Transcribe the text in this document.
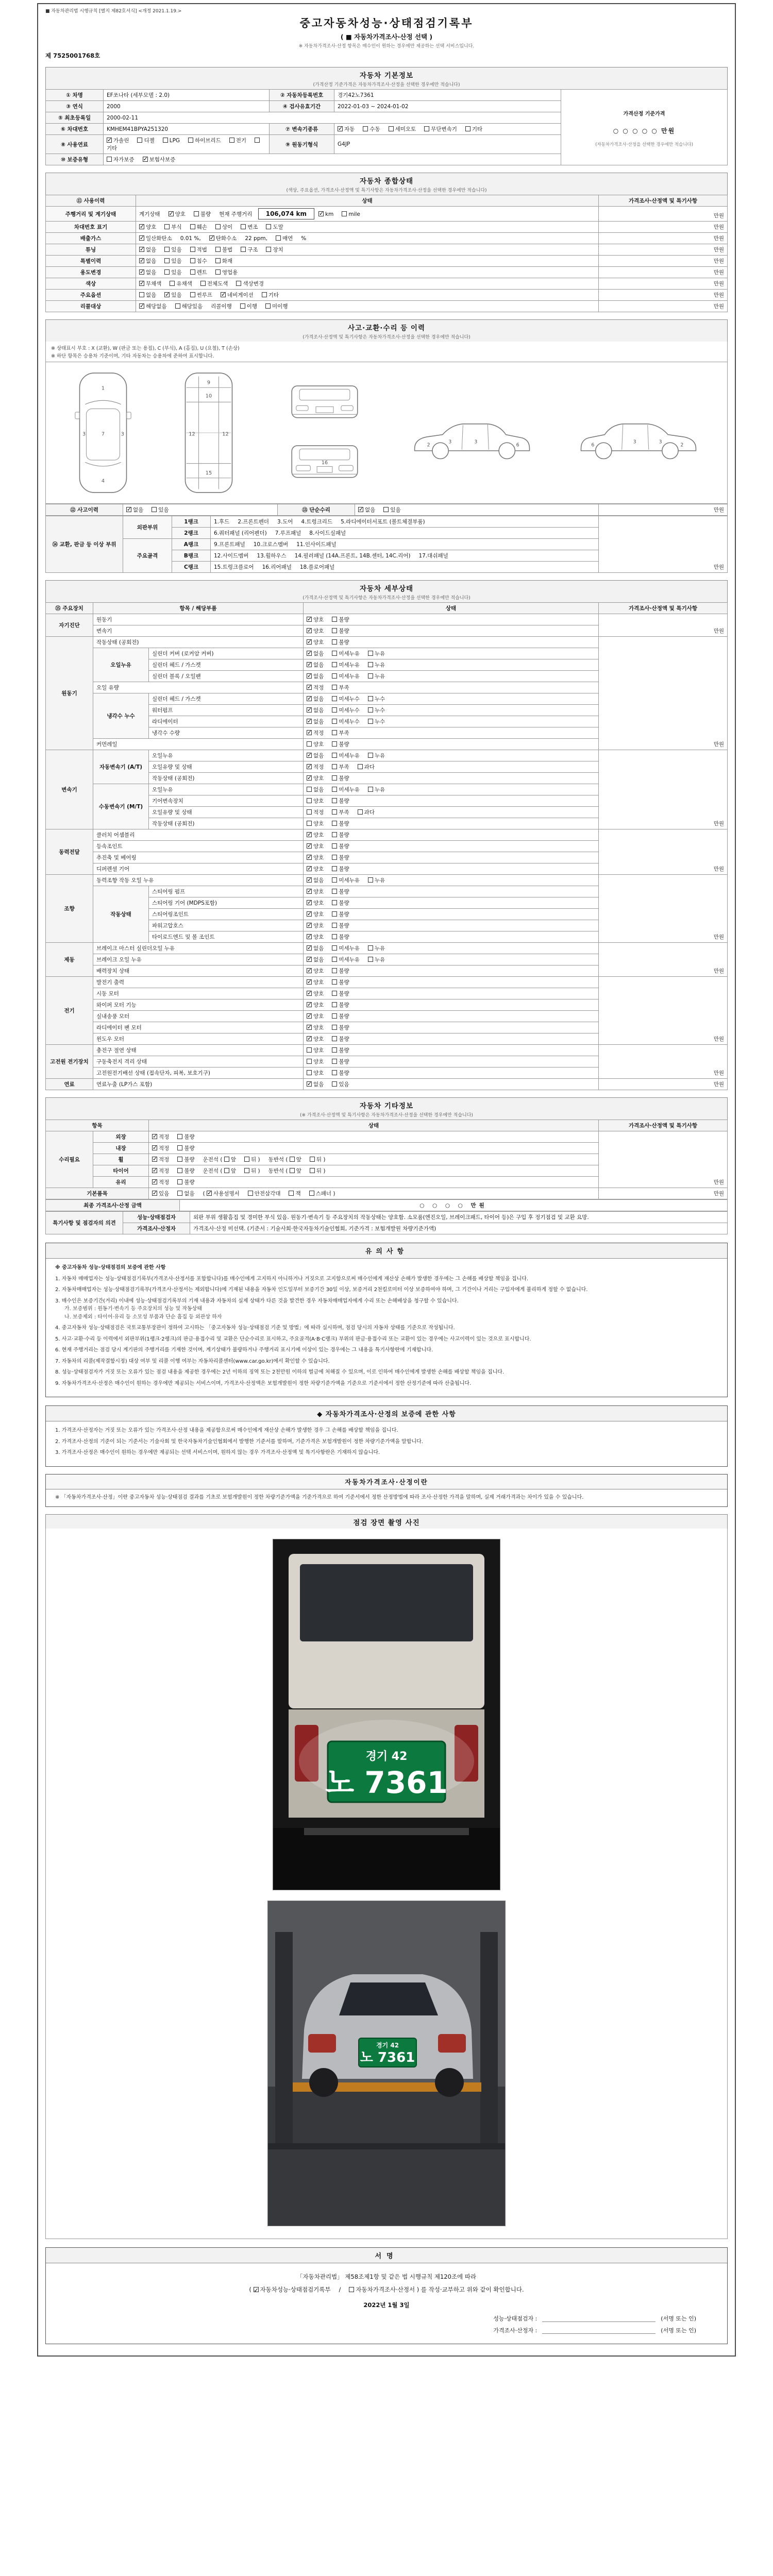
■ 자동차관리법 시행규칙 [별지 제82호서식] <개정 2021.1.19.>
중고자동차성능·상태점검기록부
( ■ 자동차가격조사·산정 선택 )
※ 자동차가격조사·산정 항목은 매수인이 원하는 경우에만 제공하는 선택 서비스입니다.
제 7525001768호
자동차 기본정보
(가격산정 기준가격은 자동차가격조사·산정을 선택한 경우에만 적습니다)
① 차명	EF쏘나타 (세부모델 : 2.0)	② 자동차등록번호	경기42노7361	가격산정 기준가격
○ ○ ○ ○ ○ 만원
(자동차가격조사·산정을 선택한 경우에만 적습니다)

③ 연식	2000	④ 검사유효기간	2022-01-03 ~ 2024-01-02	
⑤ 최초등록일	2000-02-11			
⑥ 차대번호	KMHEM41BPYA251320	⑦ 변속기종류	✓자동 수동 세미오토 무단변속기 기타
⑧ 사용연료	✓가솔린 디젤 LPG 하이브리드 전기기타	⑨ 원동기형식	G4JP	
⑩ 보증유형	자가보증 ✓ 보험사보증
자동차 종합상태
(색상, 주요옵션, 가격조사·산정액 및 특기사항은 자동차가격조사·산정을 선택한 경우에만 적습니다)
⑪ 사용이력	상태	가격조사·산정액 및 특기사항
주행거리 및 계기상태	계기상태 ✓ 양호 불량 현재 주행거리 106,074 km ✓ km mile	만원
차대번호 표기	✓양호 부식 훼손 상이 변조 도말	만원
배출가스	✓일산화탄소 0.01 %, ✓ 탄화수소 22 ppm, 매연 %	만원
튜닝	✓없음 있음 적법 불법 구조 장치	만원
특별이력	✓없음 있음 침수 화재	만원
용도변경	✓없음 있음 렌트 영업용	만원
색상	✓무채색 유채색 전체도색 색상변경	만원
주요옵션	없음 ✓ 있음 썬루프 ✓ 네비게이션 기타	만원
리콜대상	✓해당없음 해당있음 리콜이행 이행 미이행	만원
사고·교환·수리 등 이력
(가격조사·산정액 및 특기사항은 자동차가격조사·산정을 선택한 경우에만 적습니다)
※ 상태표시 부호 : X (교환), W (판금 또는 용접), C (부식), A (흠집), U (요철), T (손상)
※ 하단 항목은 승용차 기준이며, 기타 자동차는 승용차에 준하여 표시합니다.
1
7
4
3	3
9
10
12	12
15
16
3	3
6
2
3	3
6	2
⑫ 사고이력	✓없음	있음	⑬ 단순수리	✓없음	있음	만원
⑭ 교환, 판금 등 이상 부위	외판부위	1랭크	1.후드 2.프론트펜더 3.도어 4.트렁크리드 5.라디에이터서포트 (볼트체결부품)	만원
		2랭크	6.쿼터패널 (리어펜더) 7.루프패널 8.사이드실패널	
	주요골격	A랭크	9.프론트패널 10.크로스멤버 11.인사이드패널	
		B랭크	12.사이드멤버 13.휠하우스 14.필러패널 (14A.프론트, 14B.센터, 14C.리어) 17.대쉬패널	
		C랭크	15.트렁크플로어 16.리어패널 18.플로어패널	
자동차 세부상태
(가격조사·산정액 및 특기사항은 자동차가격조사·산정을 선택한 경우에만 적습니다)
⑮ 주요장치	항목 / 해당부품		상태	가격조사·산정액 및 특기사항
자기진단	원동기	✓양호 불량	만원
	변속기	✓양호 불량
원동기	작동상태 (공회전)	✓양호 불량	만원
	오일누유	실린더 커버 (로커암 커버)	✓없음 미세누유 누유
		실린더 헤드 / 가스켓	✓없음 미세누유 누유
		실린더 블록 / 오일팬	✓없음 미세누유 누유
	오일 유량	✓적정 부족
	냉각수 누수	실린더 헤드 / 가스켓	✓없음 미세누수 누수
		워터펌프	✓없음 미세누수 누수
		라디에이터	✓없음 미세누수 누수
		냉각수 수량	✓적정 부족
	커먼레일		양호 불량	
변속기	자동변속기 (A/T)	오일누유	✓없음 미세누유 누유	만원
		오일유량 및 상태	✓적정 부족 과다
		작동상태 (공회전)	✓양호 불량
	수동변속기 (M/T)	오일누유	없음 미세누유 누유	
		기어변속장치	양호 불량	
		오일유량 및 상태	적정 부족 과다	
		작동상태 (공회전)	양호 불량	
동력전달	클러치 어셈블리	✓양호 불량	만원
	등속조인트	✓양호 불량
	추진축 및 베어링	✓양호 불량
	디퍼렌셜 기어	✓양호 불량
조향	동력조향 작동 오일 누유	✓없음 미세누유 누유	만원
	작동상태	스티어링 펌프	✓양호 불량
		스티어링 기어 (MDPS포함)	✓양호 불량
		스티어링조인트	✓양호 불량
		파워고압호스	✓양호 불량
		타이로드엔드 및 볼 조인트	✓양호 불량
제동	브레이크 마스터 실린더오일 누유	✓없음 미세누유 누유	만원
	브레이크 오일 누유	✓없음 미세누유 누유
	배력장치 상태	✓양호 불량
전기	발전기 출력	✓양호 불량	만원
	시동 모터	✓양호 불량
	와이퍼 모터 기능	✓양호 불량
	실내송풍 모터	✓양호 불량
	라디에이터 팬 모터	✓양호 불량
	윈도우 모터	✓양호 불량
고전원 전기장치	충전구 절연 상태		양호 불량	만원
	구동축전지 격리 상태		양호 불량	
	고전원전기배선 상태 (접속단자, 피복, 보호기구)		양호 불량	
연료	연료누출 (LP가스 포함)	✓없음 있음	만원
자동차 기타정보
(※ 가격조사·산정액 및 특기사항은 자동차가격조사·산정을 선택한 경우에만 적습니다)
항목		상태	가격조사·산정액 및 특기사항
수리필요	외장	✓적정 불량	만원
	내장	✓적정 불량
	휠	✓적정 불량 운전석 ( 앞 뒤 ) 동반석 ( 앞 뒤 )
	타이어	✓적정 불량 운전석 ( 앞 뒤 ) 동반석 ( 앞 뒤 )
	유리	✓적정 불량
기본품목	✓있음 없음 ( ✓사용설명서 안전삼각대 잭 스패너 )	만원
최종 가격조사·산정 금액	○ ○ ○ ○ 만원
특기사항 및 점검자의 의견	성능·상태점검자	외판 부위 생활흠집 및 경미한 부식 있음. 원동기·변속기 등 주요장치의 작동상태는 양호함. 소모품(엔진오일, 브레이크패드, 타이어 등)은 구입 후 정기점검 및 교환 요망.
	가격조사·산정자	가격조사·산정 미선택. (기준서 : 기술사회·한국자동차기술인협회, 기준가격 : 보험개발원 차량기준가액)
유의사항
※ 중고자동차 성능·상태점검의 보증에 관한 사항
1. 자동차 매매업자는 성능·상태점검기록부(가격조사·산정서를 포함합니다)를 매수인에게 고지하지 아니하거나 거짓으로 고지함으로써 매수인에게 재산상 손해가 발생한 경우에는 그 손해를 배상할 책임을 집니다.
2. 자동차매매업자는 성능·상태점검기록부(가격조사·산정서는 제외합니다)에 기재된 내용을 자동차 인도일부터 보증기간 30일 이상, 보증거리 2천킬로미터 이상 보증하여야 하며, 그 기간이나 거리는 구입자에게 불리하게 정할 수 없습니다.
3. 매수인은 보증기간(거리) 이내에 성능·상태점검기록부의 기재 내용과 자동차의 실제 상태가 다른 것을 발견한 경우 자동차매매업자에게 수리 또는 손해배상을 청구할 수 있습니다.
가. 보증범위 : 원동기·변속기 등 주요장치의 성능 및 작동상태
나. 보증제외 : 타이어·유리 등 소모성 부품과 단순 흠집 등 외관상 하자
4. 중고자동차 성능·상태점검은 국토교통부장관이 정하여 고시하는 「중고자동차 성능·상태점검 기준 및 방법」에 따라 실시하며, 점검 당시의 자동차 상태를 기준으로 작성됩니다.
5. 사고·교환·수리 등 이력에서 외판부위(1랭크·2랭크)의 판금·용접수리 및 교환은 단순수리로 표시하고, 주요골격(A·B·C랭크) 부위의 판금·용접수리 또는 교환이 있는 경우에는 사고이력이 있는 것으로 표시합니다.
6. 현재 주행거리는 점검 당시 계기판의 주행거리를 기재한 것이며, 계기상태가 불량하거나 주행거리 표시기에 이상이 있는 경우에는 그 내용을 특기사항란에 기재합니다.
7. 자동차의 리콜(제작결함시정) 대상 여부 및 리콜 이행 여부는 자동차리콜센터(www.car.go.kr)에서 확인할 수 있습니다.
8. 성능·상태점검자가 거짓 또는 오류가 있는 점검 내용을 제공한 경우에는 2년 이하의 징역 또는 2천만원 이하의 벌금에 처해질 수 있으며, 이로 인하여 매수인에게 발생한 손해를 배상할 책임을 집니다.
9. 자동차가격조사·산정은 매수인이 원하는 경우에만 제공되는 서비스이며, 가격조사·산정액은 보험개발원이 정한 차량기준가액을 기준으로 기준서에서 정한 산정기준에 따라 산출됩니다.
◆ 자동차가격조사·산정의 보증에 관한 사항
1. 가격조사·산정자는 거짓 또는 오류가 있는 가격조사·산정 내용을 제공함으로써 매수인에게 재산상 손해가 발생한 경우 그 손해를 배상할 책임을 집니다.
2. 가격조사·산정의 기준이 되는 기준서는 기술사회 및 한국자동차기술인협회에서 발행한 기준서를 말하며, 기준가격은 보험개발원이 정한 차량기준가액을 말합니다.
3. 가격조사·산정은 매수인이 원하는 경우에만 제공되는 선택 서비스이며, 원하지 않는 경우 가격조사·산정액 및 특기사항란은 기재하지 않습니다.
자동차가격조사·산정이란
※ 「자동차가격조사·산정」이란 중고자동차 성능·상태점검 결과를 기초로 보험개발원이 정한 차량기준가액을 기준가격으로 하여 기준서에서 정한 산정방법에 따라 조사·산정한 가격을 말하며, 실제 거래가격과는 차이가 있을 수 있습니다.
점검 장면 촬영 사진
경기 42
노 7361
경기 42
노 7361
서명

「자동차관리법」 제58조제1항 및 같은 법 시행규칙 제120조에 따라

( ✓자동차성능·상태점검기록부 /	자동차가격조사·산정서 ) 를 작성·교부하고 위와 같이 확인합니다.

2022년 1월 3일
성능·상태점검자 :	(서명 또는 인)
가격조사·산정자 :	(서명 또는 인)
